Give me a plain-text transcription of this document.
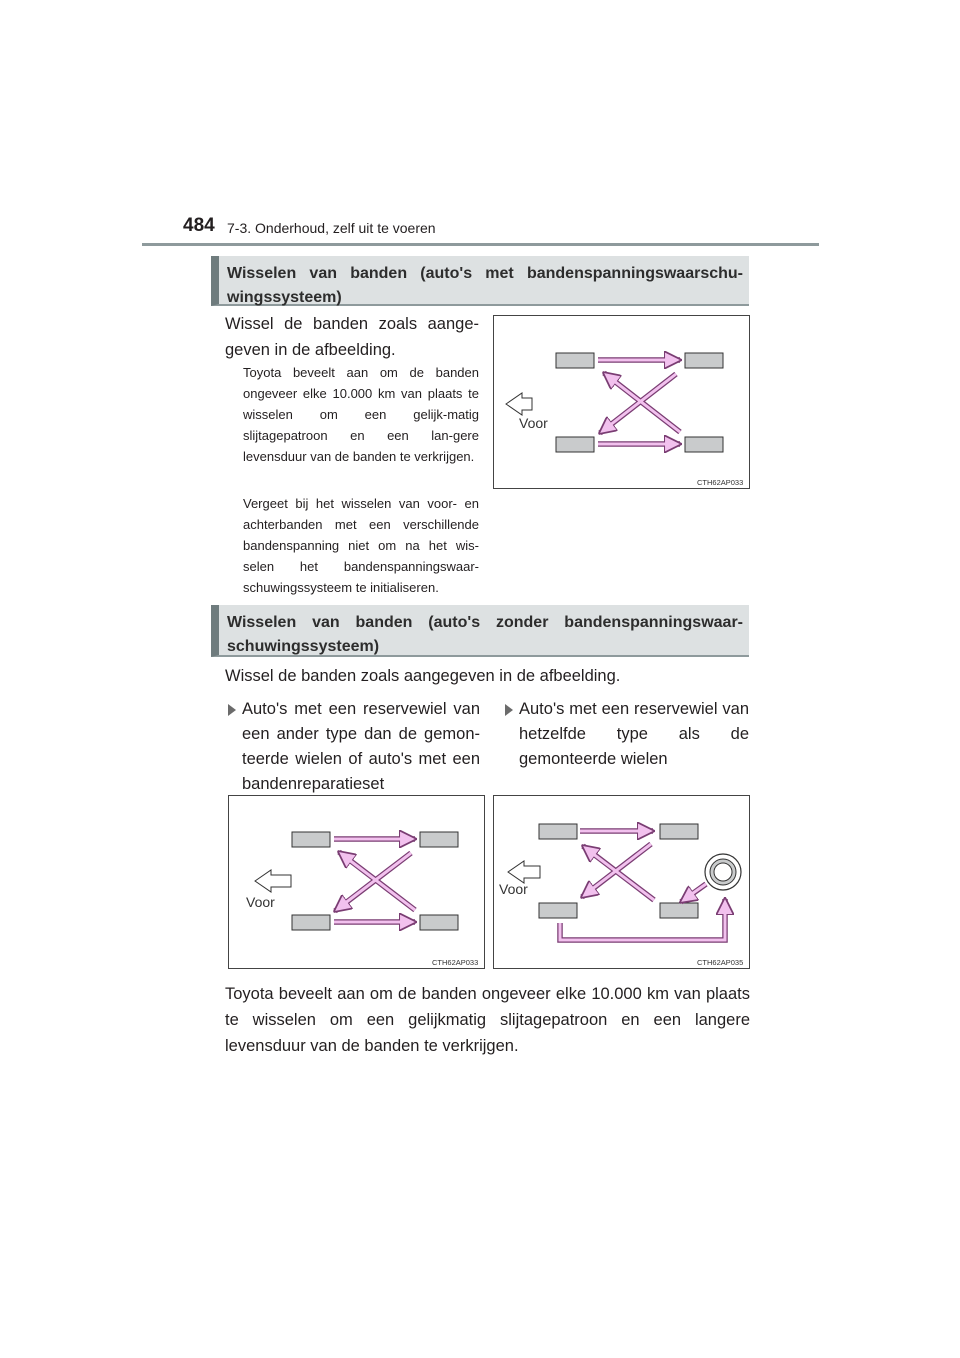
484 7-3. Onderhoud, zelf uit te voeren
Wisselen van banden (auto's met bandenspanningswaarschu-wingssysteem)
Wissel de banden zoals aange-geven in de afbeelding.
Toyota beveelt aan om de banden ongeveer elke 10.000 km van plaats te wisselen om een gelijk-matig slijtagepatroon en een lan-gere levensduur van de banden te verkrijgen.
Vergeet bij het wisselen van voor- en achterbanden met een verschillende bandenspanning niet om na het wis-selen het bandenspanningswaar-schuwingssysteem te initialiseren.
Voor
CTH62AP033
Wisselen van banden (auto's zonder bandenspanningswaar-schuwingssysteem)
Wissel de banden zoals aangegeven in de afbeelding.
Auto's met een reservewiel van een ander type dan de gemon-teerde wielen of auto's met een bandenreparatieset
Auto's met een reservewiel van hetzelfde type als de gemonteerde wielen
Voor
CTH62AP033
Voor
CTH62AP035
Toyota beveelt aan om de banden ongeveer elke 10.000 km van plaats te wisselen om een gelijkmatig slijtagepatroon en een langere levensduur van de banden te verkrijgen.
